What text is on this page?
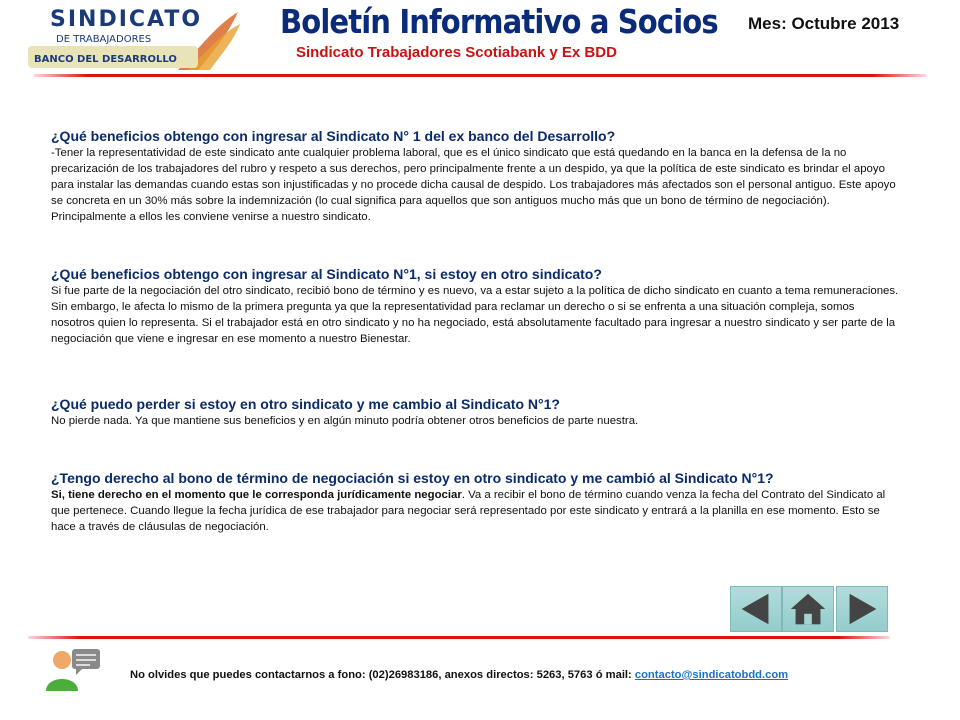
SINDICATO
DE TRABAJADORES
BANCO DEL DESARROLLO
Boletín Informativo a Socios
Sindicato Trabajadores Scotiabank y Ex BDD
Mes: Octubre 2013
¿Qué beneficios obtengo con ingresar al Sindicato N° 1 del ex banco del Desarrollo?
-Tener la representatividad de este sindicato ante cualquier problema laboral, que es el único sindicato que está quedando en la banca en la defensa de la no precarización de los trabajadores del rubro y respeto a sus derechos, pero principalmente frente a un despido, ya que la política de este sindicato es brindar el apoyo para instalar las demandas cuando estas son injustificadas y no procede dicha causal de despido. Los trabajadores más afectados son el personal antiguo. Este apoyo se concreta en un 30% más sobre la indemnización (lo cual significa para aquellos que son antiguos mucho más que un bono de término de negociación). Principalmente a ellos les conviene venirse a nuestro sindicato.
¿Qué beneficios obtengo con ingresar al Sindicato N°1, si estoy en otro sindicato?
Si fue parte de la negociación del otro sindicato, recibió bono de término y es nuevo, va a estar sujeto a la política de dicho sindicato en cuanto a tema remuneraciones. Sin embargo, le afecta lo mismo de la primera pregunta ya que la representatividad para reclamar un derecho o si se enfrenta a una situación compleja, somos nosotros quien lo representa. Si el trabajador está en otro sindicato y no ha negociado, está absolutamente facultado para ingresar a nuestro sindicato y ser parte de la negociación que viene e ingresar en ese momento a nuestro Bienestar.
¿Qué puedo perder si estoy en otro sindicato y me cambio al Sindicato N°1?
No pierde nada. Ya que mantiene sus beneficios y en algún minuto podría obtener otros beneficios de parte nuestra.
¿Tengo derecho al bono de término de negociación si estoy en otro sindicato y me cambió al Sindicato N°1?
Si, tiene derecho en el momento que le corresponda jurídicamente negociar. Va a recibir el bono de término cuando venza la fecha del Contrato del Sindicato al que pertenece. Cuando llegue la fecha jurídica de ese trabajador para negociar será representado por este sindicato y entrará a la planilla en ese momento. Esto se hace a través de cláusulas de negociación.
No olvides que puedes contactarnos a fono: (02)26983186, anexos directos: 5263, 5763 ó mail: contacto@sindicatobdd.com
